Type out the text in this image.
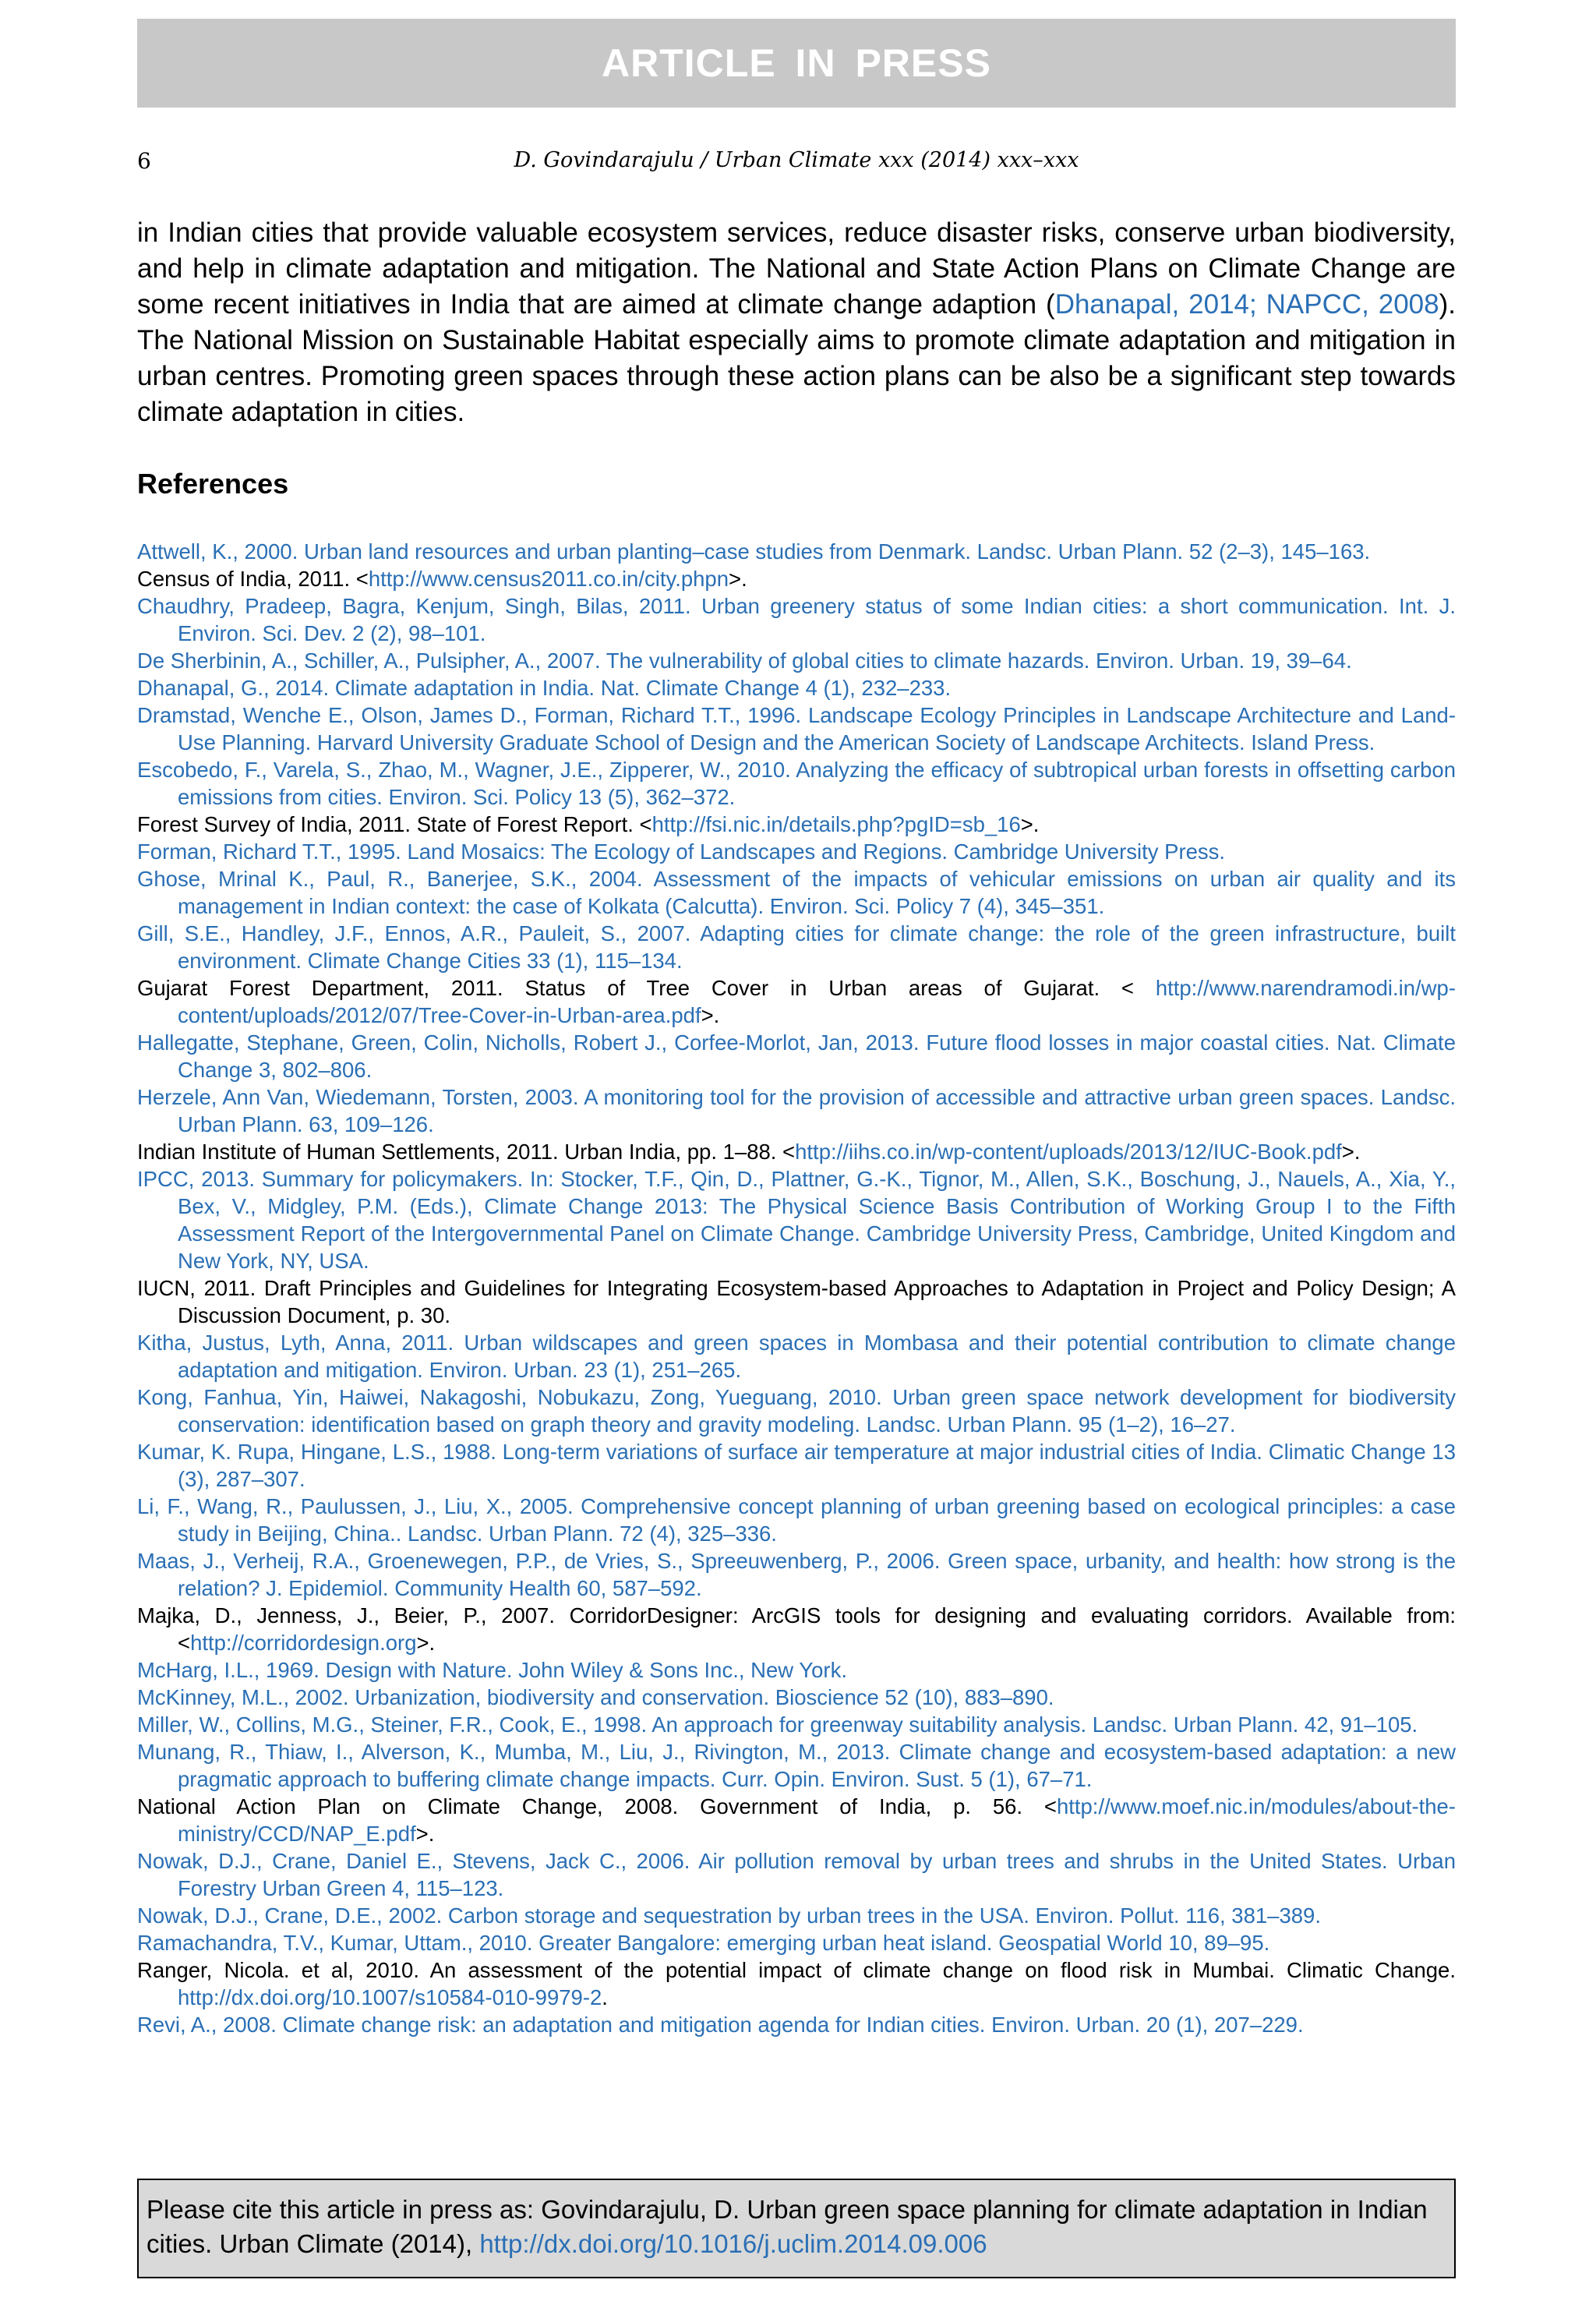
ARTICLE IN PRESS
6	D. Govindarajulu / Urban Climate xxx (2014) xxx–xxx

in Indian cities that provide valuable ecosystem services, reduce disaster risks, conserve urban biodiversity, and help in climate adaptation and mitigation. The National and State Action Plans on Climate Change are some recent initiatives in India that are aimed at climate change adaption (Dhanapal, 2014; NAPCC, 2008). The National Mission on Sustainable Habitat especially aims to promote climate adaptation and mitigation in urban centres. Promoting green spaces through these action plans can be also be a significant step towards climate adaptation in cities.

References
Attwell, K., 2000. Urban land resources and urban planting–case studies from Denmark. Landsc. Urban Plann. 52 (2–3), 145–163.
Census of India, 2011. <http://www.census2011.co.in/city.phpn>.
Chaudhry, Pradeep, Bagra, Kenjum, Singh, Bilas, 2011. Urban greenery status of some Indian cities: a short communication. Int. J. Environ. Sci. Dev. 2 (2), 98–101.
De Sherbinin, A., Schiller, A., Pulsipher, A., 2007. The vulnerability of global cities to climate hazards. Environ. Urban. 19, 39–64.
Dhanapal, G., 2014. Climate adaptation in India. Nat. Climate Change 4 (1), 232–233.
Dramstad, Wenche E., Olson, James D., Forman, Richard T.T., 1996. Landscape Ecology Principles in Landscape Architecture and Land-Use Planning. Harvard University Graduate School of Design and the American Society of Landscape Architects. Island Press.
Escobedo, F., Varela, S., Zhao, M., Wagner, J.E., Zipperer, W., 2010. Analyzing the efficacy of subtropical urban forests in offsetting carbon emissions from cities. Environ. Sci. Policy 13 (5), 362–372.
Forest Survey of India, 2011. State of Forest Report. <http://fsi.nic.in/details.php?pgID=sb_16>.
Forman, Richard T.T., 1995. Land Mosaics: The Ecology of Landscapes and Regions. Cambridge University Press.
Ghose, Mrinal K., Paul, R., Banerjee, S.K., 2004. Assessment of the impacts of vehicular emissions on urban air quality and its management in Indian context: the case of Kolkata (Calcutta). Environ. Sci. Policy 7 (4), 345–351.
Gill, S.E., Handley, J.F., Ennos, A.R., Pauleit, S., 2007. Adapting cities for climate change: the role of the green infrastructure, built environment. Climate Change Cities 33 (1), 115–134.
Gujarat Forest Department, 2011. Status of Tree Cover in Urban areas of Gujarat. < http://www.narendramodi.in/wp-content/uploads/2012/07/Tree-Cover-in-Urban-area.pdf>.
Hallegatte, Stephane, Green, Colin, Nicholls, Robert J., Corfee-Morlot, Jan, 2013. Future flood losses in major coastal cities. Nat. Climate Change 3, 802–806.
Herzele, Ann Van, Wiedemann, Torsten, 2003. A monitoring tool for the provision of accessible and attractive urban green spaces. Landsc. Urban Plann. 63, 109–126.
Indian Institute of Human Settlements, 2011. Urban India, pp. 1–88. <http://iihs.co.in/wp-content/uploads/2013/12/IUC-Book.pdf>.
IPCC, 2013. Summary for policymakers. In: Stocker, T.F., Qin, D., Plattner, G.-K., Tignor, M., Allen, S.K., Boschung, J., Nauels, A., Xia, Y., Bex, V., Midgley, P.M. (Eds.), Climate Change 2013: The Physical Science Basis Contribution of Working Group I to the Fifth Assessment Report of the Intergovernmental Panel on Climate Change. Cambridge University Press, Cambridge, United Kingdom and New York, NY, USA.
IUCN, 2011. Draft Principles and Guidelines for Integrating Ecosystem-based Approaches to Adaptation in Project and Policy Design; A Discussion Document, p. 30.
Kitha, Justus, Lyth, Anna, 2011. Urban wildscapes and green spaces in Mombasa and their potential contribution to climate change adaptation and mitigation. Environ. Urban. 23 (1), 251–265.
Kong, Fanhua, Yin, Haiwei, Nakagoshi, Nobukazu, Zong, Yueguang, 2010. Urban green space network development for biodiversity conservation: identification based on graph theory and gravity modeling. Landsc. Urban Plann. 95 (1–2), 16–27.
Kumar, K. Rupa, Hingane, L.S., 1988. Long-term variations of surface air temperature at major industrial cities of India. Climatic Change 13 (3), 287–307.
Li, F., Wang, R., Paulussen, J., Liu, X., 2005. Comprehensive concept planning of urban greening based on ecological principles: a case study in Beijing, China.. Landsc. Urban Plann. 72 (4), 325–336.
Maas, J., Verheij, R.A., Groenewegen, P.P., de Vries, S., Spreeuwenberg, P., 2006. Green space, urbanity, and health: how strong is the relation? J. Epidemiol. Community Health 60, 587–592.
Majka, D., Jenness, J., Beier, P., 2007. CorridorDesigner: ArcGIS tools for designing and evaluating corridors. Available from: <http://corridordesign.org>.
McHarg, I.L., 1969. Design with Nature. John Wiley & Sons Inc., New York.
McKinney, M.L., 2002. Urbanization, biodiversity and conservation. Bioscience 52 (10), 883–890.
Miller, W., Collins, M.G., Steiner, F.R., Cook, E., 1998. An approach for greenway suitability analysis. Landsc. Urban Plann. 42, 91–105.
Munang, R., Thiaw, I., Alverson, K., Mumba, M., Liu, J., Rivington, M., 2013. Climate change and ecosystem-based adaptation: a new pragmatic approach to buffering climate change impacts. Curr. Opin. Environ. Sust. 5 (1), 67–71.
National Action Plan on Climate Change, 2008. Government of India, p. 56. <http://www.moef.nic.in/modules/about-the-ministry/CCD/NAP_E.pdf>.
Nowak, D.J., Crane, Daniel E., Stevens, Jack C., 2006. Air pollution removal by urban trees and shrubs in the United States. Urban Forestry Urban Green 4, 115–123.
Nowak, D.J., Crane, D.E., 2002. Carbon storage and sequestration by urban trees in the USA. Environ. Pollut. 116, 381–389.
Ramachandra, T.V., Kumar, Uttam., 2010. Greater Bangalore: emerging urban heat island. Geospatial World 10, 89–95.
Ranger, Nicola. et al, 2010. An assessment of the potential impact of climate change on flood risk in Mumbai. Climatic Change. http://dx.doi.org/10.1007/s10584-010-9979-2.
Revi, A., 2008. Climate change risk: an adaptation and mitigation agenda for Indian cities. Environ. Urban. 20 (1), 207–229.
Please cite this article in press as: Govindarajulu, D. Urban green space planning for climate adaptation in Indian cities. Urban Climate (2014), http://dx.doi.org/10.1016/j.uclim.2014.09.006
